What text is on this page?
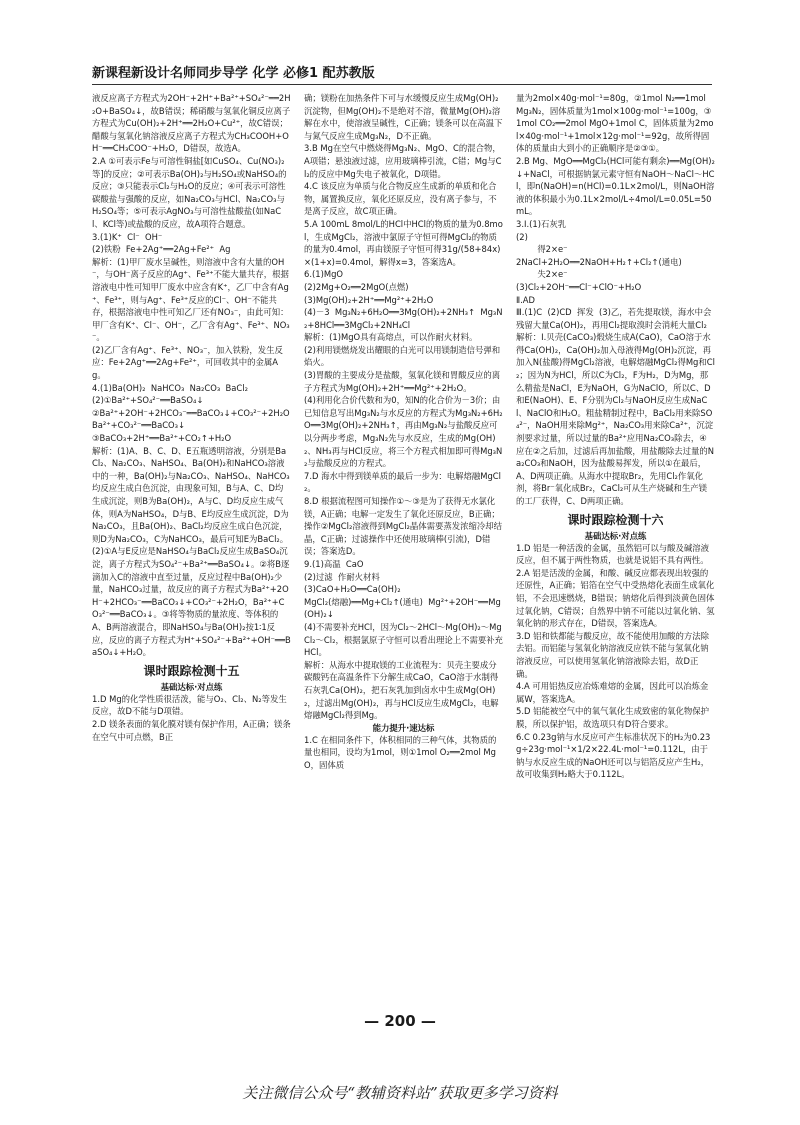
新课程新设计名师同步导学 化学 必修1 配苏教版
液反应离子方程式为2OH⁻+2H⁺+Ba²⁺+SO₄²⁻══2H₂O+BaSO₄↓，故B错误；稀硝酸与氢氧化铜反应离子方程式为Cu(OH)₂+2H⁺══2H₂O+Cu²⁺，故C错误；醋酸与氢氧化钠溶液反应离子方程式为CH₃COOH+OH⁻══CH₃COO⁻+H₂O，D错误，故选A。
2.A ①可表示Fe与可溶性铜盐[如CuSO₄、Cu(NO₃)₂等]的反应；②可表示Ba(OH)₂与H₂SO₄或NaHSO₄的反应；③只能表示Cl₂与H₂O的反应；④可表示可溶性碳酸盐与强酸的反应，如Na₂CO₃与HCl、Na₂CO₃与H₂SO₄等；⑤可表示AgNO₃与可溶性盐酸盐(如NaCl、KCl等)或盐酸的反应，故A项符合题意。
3.(1)K⁺  Cl⁻  OH⁻
(2)铁粉  Fe+2Ag⁺══2Ag+Fe²⁺  Ag
解析：(1)甲厂废水呈碱性，则溶液中含有大量的OH⁻，与OH⁻离子反应的Ag⁺、Fe³⁺不能大量共存，根据溶液电中性可知甲厂废水中应含有K⁺，乙厂中含有Ag⁺、Fe³⁺，则与Ag⁺、Fe³⁺反应的Cl⁻、OH⁻不能共存，根据溶液电中性可知乙厂还有NO₃⁻，由此可知：甲厂含有K⁺、Cl⁻、OH⁻，乙厂含有Ag⁺、Fe³⁺、NO₃⁻。
(2)乙厂含有Ag⁺、Fe³⁺、NO₃⁻，加入铁粉，发生反应：Fe+2Ag⁺══2Ag+Fe²⁺，可回收其中的金属Ag。
4.(1)Ba(OH)₂  NaHCO₃  Na₂CO₃  BaCl₂
(2)①Ba²⁺+SO₄²⁻══BaSO₄↓
②Ba²⁺+2OH⁻+2HCO₃⁻══BaCO₃↓+CO₃²⁻+2H₂O  Ba²⁺+CO₃²⁻══BaCO₃↓
③BaCO₃+2H⁺══Ba²⁺+CO₂↑+H₂O
解析：(1)A、B、C、D、E五瓶透明溶液，分别是BaCl₂、Na₂CO₃、NaHSO₄、Ba(OH)₂和NaHCO₃溶液中的一种，Ba(OH)₂与Na₂CO₃、NaHSO₄、NaHCO₃均反应生成白色沉淀，由现象可知，B与A、C、D均生成沉淀，则B为Ba(OH)₂，A与C、D均反应生成气体，则A为NaHSO₄，D与B、E均反应生成沉淀，D为Na₂CO₃，且Ba(OH)₂、BaCl₂均反应生成白色沉淀，则D为Na₂CO₃，C为NaHCO₃，最后可知E为BaCl₂。
(2)①A与E反应是NaHSO₄与BaCl₂反应生成BaSO₄沉淀，离子方程式为SO₄²⁻+Ba²⁺══BaSO₄↓。②将B逐滴加入C的溶液中直至过量，反应过程中Ba(OH)₂少量，NaHCO₃过量，故反应的离子方程式为Ba²⁺+2OH⁻+2HCO₃⁻══BaCO₃↓+CO₃²⁻+2H₂O，Ba²⁺+CO₃²⁻══BaCO₃↓。③将等物质的量浓度、等体积的A、B两溶液混合，即NaHSO₄与Ba(OH)₂按1∶1反应，反应的离子方程式为H⁺+SO₄²⁻+Ba²⁺+OH⁻══BaSO₄↓+H₂O。
课时跟踪检测十五
基础达标·对点练
1.D Mg的化学性质很活泼，能与O₂、Cl₂、N₂等发生反应，故D不能与D项错。
2.D 镁条表面的氧化膜对镁有保护作用，A正确；镁条在空气中可点燃，B正
确；镁粉在加热条件下可与水缓慢反应生成Mg(OH)₂沉淀物，但Mg(OH)₂不是绝对不溶，微量Mg(OH)₂溶解在水中，使溶液呈碱性，C正确；镁条可以在高温下与氮气反应生成Mg₃N₂，D不正确。
3.B Mg在空气中燃烧得Mg₃N₂、MgO、C的混合物，A项错；悬浊液过滤，应用玻璃棒引流，C错；Mg与Cl₂的反应中Mg失电子被氧化，D项错。
4.C 该反应为单质与化合物反应生成新的单质和化合物，属置换反应，氧化还原反应，没有离子参与，不是离子反应，故C项正确。
5.A 100mL 8mol/L的HCl中HCl的物质的量为0.8mol，生成MgCl₂，溶液中氯原子守恒可得MgCl₂的物质的量为0.4mol，再由镁原子守恒可得31g/(58+84x)×(1+x)=0.4mol，解得x=3，答案选A。
6.(1)MgO
(2)2Mg+O₂══2MgO(点燃)
(3)Mg(OH)₂+2H⁺══Mg²⁺+2H₂O
(4)－3  Mg₃N₂+6H₂O══3Mg(OH)₂+2NH₃↑  Mg₃N₂+8HCl══3MgCl₂+2NH₄Cl
解析：(1)MgO具有高熔点，可以作耐火材料。
(2)利用镁燃烧发出耀眼的白光可以用镁制造信号弹和焰火。
(3)胃酸的主要成分是盐酸，氢氧化镁和胃酸反应的离子方程式为Mg(OH)₂+2H⁺══Mg²⁺+2H₂O。
(4)利用化合价代数和为0，知N的化合价为－3价；由已知信息写出Mg₃N₂与水反应的方程式为Mg₃N₂+6H₂O══3Mg(OH)₂+2NH₃↑，再由Mg₃N₂与盐酸反应可以分两步考虑，Mg₃N₂先与水反应，生成的Mg(OH)₂、NH₃再与HCl反应，将三个方程式相加即可得Mg₃N₂与盐酸反应的方程式。
7.D 海水中得到镁单质的最后一步为：电解熔融MgCl₂。
8.D 根据流程图可知操作①～③是为了获得无水氯化镁，A正确；电解一定发生了氧化还原反应，B正确；操作②MgCl₂溶液得到MgCl₂晶体需要蒸发浓缩冷却结晶，C正确；过滤操作中还使用玻璃棒(引流)，D错误；答案选D。
9.(1)高温  CaO
(2)过滤  作耐火材料
(3)CaO+H₂O══Ca(OH)₂
MgCl₂(熔融)══Mg+Cl₂↑(通电)  Mg²⁺+2OH⁻══Mg(OH)₂↓
(4)不需要补充HCl，因为Cl₂～2HCl～Mg(OH)₂～MgCl₂～Cl₂，根据氯原子守恒可以看出理论上不需要补充HCl。
解析：从海水中提取镁的工业流程为：贝壳主要成分碳酸钙在高温条件下分解生成CaO，CaO溶于水制得石灰乳Ca(OH)₂，把石灰乳加到卤水中生成Mg(OH)₂，过滤出Mg(OH)₂，再与HCl反应生成MgCl₂，电解熔融MgCl₂得到Mg。
能力提升·速达标
1.C 在相同条件下，体积相同的三种气体，其物质的量也相同，设均为1mol，则①1mol O₂══2mol MgO，固体质
量为2mol×40g·mol⁻¹=80g，②1mol N₂══1mol Mg₃N₂，固体质量为1mol×100g·mol⁻¹=100g，③1mol CO₂══2mol MgO+1mol C，固体质量为2mol×40g·mol⁻¹+1mol×12g·mol⁻¹=92g，故所得固体的质量由大到小的正确顺序是②③①。
2.B Mg、MgO══MgCl₂(HCl可能有剩余)══Mg(OH)₂↓+NaCl，可根据钠氯元素守恒有NaOH～NaCl～HCl，即n(NaOH)=n(HCl)=0.1L×2mol/L，则NaOH溶液的体积最小为0.1L×2mol/L÷4mol/L=0.05L=50mL。
3.Ⅰ.(1)石灰乳
(2)
得2×e⁻
2NaCl+2H₂O══2NaOH+H₂↑+Cl₂↑(通电)
失2×e⁻
(3)Cl₂+2OH⁻══Cl⁻+ClO⁻+H₂O
Ⅱ.AD
Ⅲ.(1)C  (2)CD  挥发  (3)乙，若先提取镁，海水中会残留大量Ca(OH)₂，再用Cl₂提取溴时会消耗大量Cl₂
解析：Ⅰ.贝壳(CaCO₃)煅烧生成A(CaO)，CaO溶于水得Ca(OH)₂，Ca(OH)₂加入母液得Mg(OH)₂沉淀，再加入N(盐酸)得MgCl₂溶液，电解熔融MgCl₂得Mg和Cl₂；因为N为HCl，所以C为Cl₂，F为H₂，D为Mg，那么精盐是NaCl，E为NaOH，G为NaClO，所以C、D和E(NaOH)、E、F分别为Cl₂与NaOH反应生成NaCl、NaClO和H₂O。粗盐精制过程中，BaCl₂用来除SO₄²⁻，NaOH用来除Mg²⁺，Na₂CO₃用来除Ca²⁺，沉淀剂要求过量，所以过量的Ba²⁺应用Na₂CO₃除去，④应在②之后加，过滤后再加盐酸，用盐酸除去过量的Na₂CO₃和NaOH，因为盐酸易挥发，所以①在最后，A、D两项正确。从海水中提取Br₂，先用Cl₂作氧化剂，将Br⁻氧化成Br₂，CaCl₂可从生产烧碱和生产镁的工厂获得，C、D两项正确。
课时跟踪检测十六
基础达标·对点练
1.D 铝是一种活泼的金属，虽然铝可以与酸及碱溶液反应，但不属于两性物质，也就是说铝不具有两性。
2.A 铝是活泼的金属，和酸、碱反应都表现出较强的还原性，A正确；铝箔在空气中受热熔化表面生成氧化铝，不会迅速燃烧，B错误；钠熔化后得到淡黄色固体过氧化钠，C错误；自然界中钠不可能以过氧化钠、氢氧化钠的形式存在，D错误，答案选A。
3.D 铝和铁都能与酸反应，故不能使用加酸的方法除去铝。而铝能与氢氧化钠溶液反应铁不能与氢氧化钠溶液反应，可以使用氢氧化钠溶液除去铝，故D正确。
4.A 可用铝热反应冶炼难熔的金属，因此可以冶炼金属W，答案选A。
5.D 铝能被空气中的氧气氧化生成致密的氧化物保护膜，所以保护铝，故选项只有D符合要求。
6.C 0.23g钠与水反应可产生标准状况下的H₂为0.23g÷23g·mol⁻¹×1/2×22.4L·mol⁻¹=0.112L，由于钠与水反应生成的NaOH还可以与铝箔反应产生H₂，故可收集到H₂略大于0.112L。
— 200 —
关注微信公众号“教辅资料站”获取更多学习资料
